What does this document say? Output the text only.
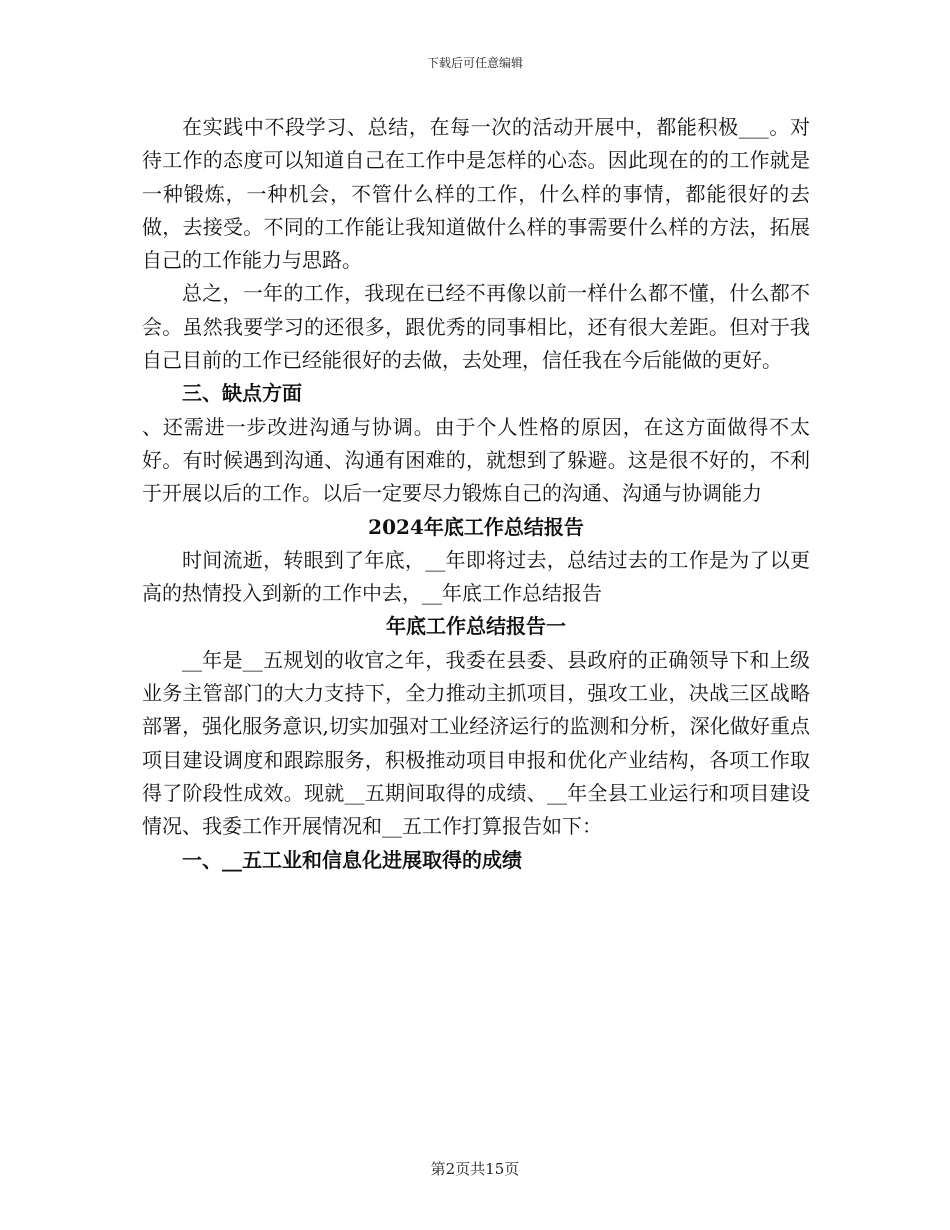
下载后可任意编辑

在实践中不段学习、总结，在每一次的活动开展中，都能积极___。对待工作的态度可以知道自己在工作中是怎样的心态。因此现在的的工作就是一种锻炼，一种机会，不管什么样的工作，什么样的事情，都能很好的去做，去接受。不同的工作能让我知道做什么样的事需要什么样的方法，拓展自己的工作能力与思路。

总之，一年的工作，我现在已经不再像以前一样什么都不懂，什么都不会。虽然我要学习的还很多，跟优秀的同事相比，还有很大差距。但对于我自己目前的工作已经能很好的去做，去处理，信任我在今后能做的更好。

三、缺点方面

、还需进一步改进沟通与协调。由于个人性格的原因，在这方面做得不太好。有时候遇到沟通、沟通有困难的，就想到了躲避。这是很不好的，不利于开展以后的工作。以后一定要尽力锻炼自己的沟通、沟通与协调能力

2024年底工作总结报告

时间流逝，转眼到了年底，__年即将过去，总结过去的工作是为了以更高的热情投入到新的工作中去，__年底工作总结报告

年底工作总结报告一

__年是__五规划的收官之年，我委在县委、县政府的正确领导下和上级业务主管部门的大力支持下，全力推动主抓项目，强攻工业，决战三区战略部署，强化服务意识,切实加强对工业经济运行的监测和分析，深化做好重点项目建设调度和跟踪服务，积极推动项目申报和优化产业结构，各项工作取得了阶段性成效。现就__五期间取得的成绩、__年全县工业运行和项目建设情况、我委工作开展情况和__五工作打算报告如下：

一、__五工业和信息化进展取得的成绩

第2页共15页
